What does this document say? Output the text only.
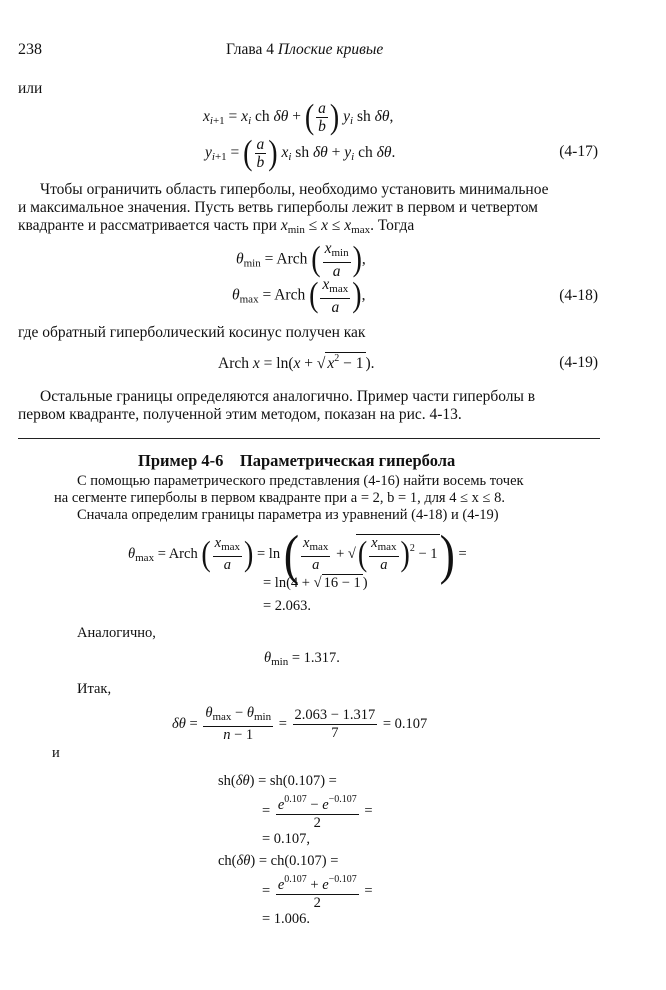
238	Глава 4 Плоские кривые
или
$x_{i+1} = x_i$ ch δθ + ( $\frac{a}{b}$ ) $y_i$ sh δθ,
$y_{i+1}$ = ( $\frac{a}{b}$ ) $x_i$ sh $\delta\theta + y_i$ ch δθ.	(4-17)
Чтобы ограничить область гиперболы, необходимо установить минимальное
и максимальное значения. Пусть ветвь гиперболы лежит в первом и четвертом
квадранте и рассматривается часть при $x_{min} \le x \le x_{max}$. Тогда
$\theta_{min}$ = Arch ( $\frac{x_{min}}{a}$ ),
$\theta_{max}$ = Arch ( $\frac{x_{max}}{a}$ ),	(4-18)
где обратный гиперболический косинус получен как
Arch x = ln(x + √ $x^2 - 1$ ).	(4-19)
Остальные границы определяются аналогично. Пример части гиперболы в
первом квадранте, полученной этим методом, показан на рис. 4-13.
Пример 4-6 Параметрическая гипербола
С помощью параметрического представления (4-16) найти восемь точек
на сегменте гиперболы в первом квадранте при a = 2, b = 1, для 4 ≤ x ≤ 8.
Сначала определим границы параметра из уравнений (4-18) и (4-19)
$\theta_{max}$ = Arch ( $\frac{x_{max}}{a}$ ) = ln ( $\frac{x_{max}}{a}$ + √( $\frac{x_{max}}{a} )^2 - 1$) =
= ln(4 + √ 16 − 1 )
= 2.063.
Аналогично,
$\theta_{min} = 1.317$.
Итак,
$\delta\theta = \frac{\theta_{max} - \theta_{min}}{n - 1} = \frac{2.063 - 1.317}{7} = 0.107$
и
sh(δθ) = sh(0.107) =
= $\frac{e^{0.107} - e^{-0.107}}{2}$ =
= 0.107,
ch(δθ) = ch(0.107) =
= $\frac{e^{0.107} + e^{-0.107}}{2}$ =
= 1.006.
